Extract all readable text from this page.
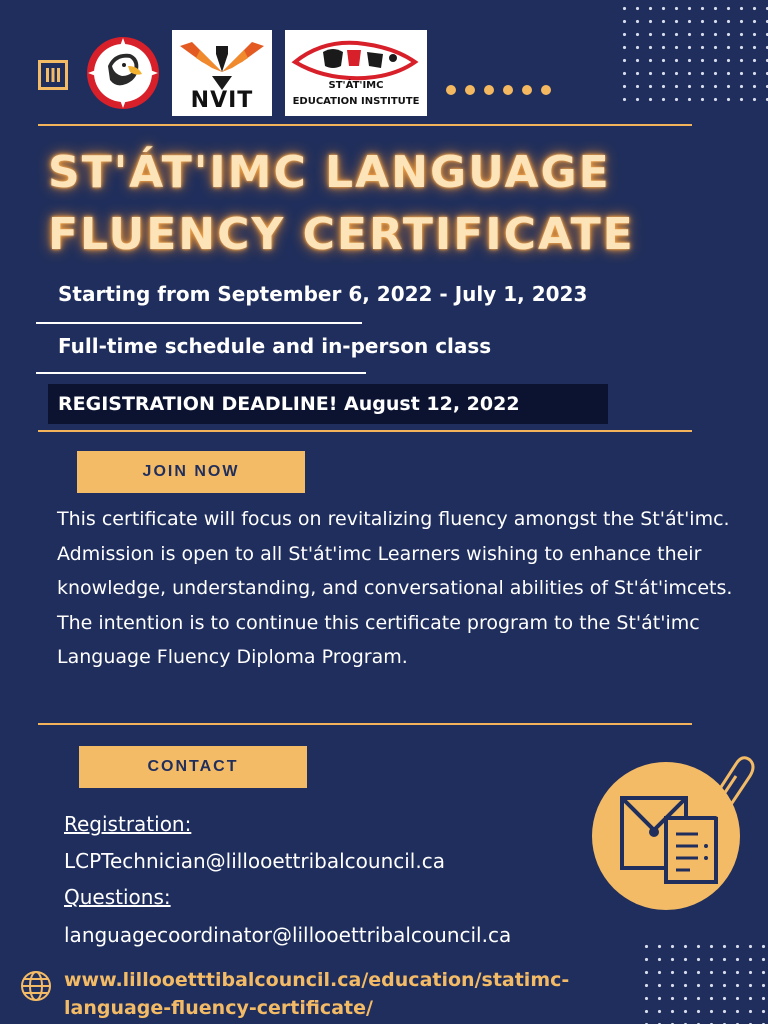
NVIT
ST'ÁT'IMC
EDUCATION INSTITUTE
ST'ÁT'IMC LANGUAGE
FLUENCY CERTIFICATE
Starting from September 6, 2022 - July 1, 2023
Full-time schedule and in-person class
REGISTRATION DEADLINE! August 12, 2022
JOIN NOW
This certificate will focus on revitalizing fluency amongst the St'át'imc. Admission is open to all St'át'imc Learners wishing to enhance their knowledge, understanding, and conversational abilities of St'át'imcets.
The intention is to continue this certificate program to the St'át'imc Language Fluency Diploma Program.
CONTACT
Registration:
LCPTechnician@lillooettribalcouncil.ca
Questions:
languagecoordinator@lillooettribalcouncil.ca
www.lillooetttibalcouncil.ca/education/statimc-language-fluency-certificate/
